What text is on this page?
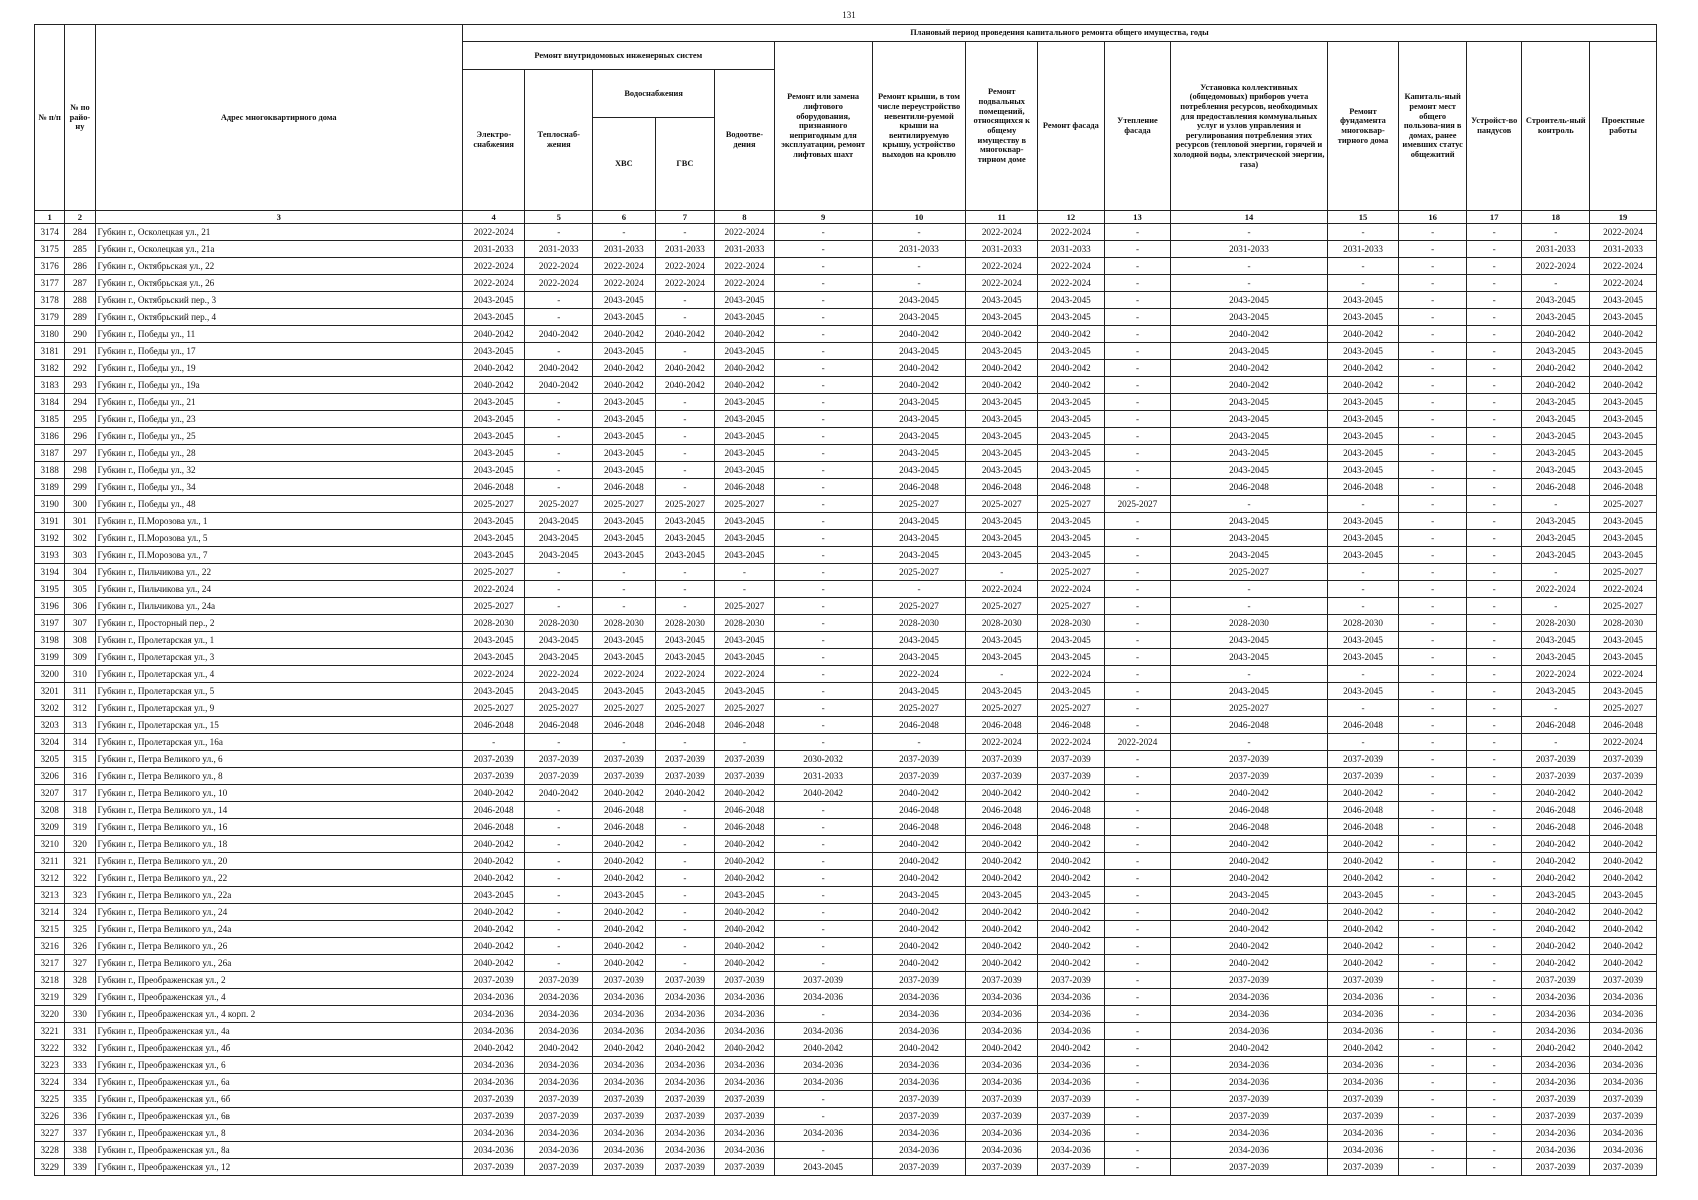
131
№ п/п	№ по райо-ну	Адрес многоквартирного дома	Плановый период проведения капитального ремонта общего имущества, годы															
			Ремонт внутридомовых инженерных систем					Ремонт или замена лифтового оборудования, признанного непригодным для эксплуатации, ремонт лифтовых шахт	Ремонт крыши, в том числе переустройство невентили-руемой крыши на вентилируемую крышу, устройство выходов на кровлю	Ремонт подвальных помещений, относящихся к общему имуществу в многоквар-тирном доме	Ремонт фасада	Утепление фасада	Установка коллективных (общедомовых) приборов учета потребления ресурсов, необходимых для предоставления коммунальных услуг и узлов управления и регулирования потребления этих ресурсов (тепловой энергии, горячей и холодной воды, электрической энергии, газа)	Ремонт фундамента многоквар-тирного дома	Капиталь-ный ремонт мест общего пользова-ния в домах, ранее имевших статус общежитий	Устройст-во пандусов	Строитель-ный контроль	Проектные работы
			Электро-снабжения	Теплоснаб-жения	Водоснабжения		Водоотве-дения											
					ХВС	ГВС												
1	2	3	4	5	6	7	8	9	10	11	12	13	14	15	16	17	18	19
3174	284	Губкин г., Осколецкая ул., 21	2022-2024	-	-	-	2022-2024	-	-	2022-2024	2022-2024	-	-	-	-	-	-	2022-2024
3175	285	Губкин г., Осколецкая ул., 21а	2031-2033	2031-2033	2031-2033	2031-2033	2031-2033	-	2031-2033	2031-2033	2031-2033	-	2031-2033	2031-2033	-	-	2031-2033	2031-2033
3176	286	Губкин г., Октябрьская ул., 22	2022-2024	2022-2024	2022-2024	2022-2024	2022-2024	-	-	2022-2024	2022-2024	-	-	-	-	-	2022-2024	2022-2024
3177	287	Губкин г., Октябрьская ул., 26	2022-2024	2022-2024	2022-2024	2022-2024	2022-2024	-	-	2022-2024	2022-2024	-	-	-	-	-	-	2022-2024
3178	288	Губкин г., Октябрьский пер., 3	2043-2045	-	2043-2045	-	2043-2045	-	2043-2045	2043-2045	2043-2045	-	2043-2045	2043-2045	-	-	2043-2045	2043-2045
3179	289	Губкин г., Октябрьский пер., 4	2043-2045	-	2043-2045	-	2043-2045	-	2043-2045	2043-2045	2043-2045	-	2043-2045	2043-2045	-	-	2043-2045	2043-2045
3180	290	Губкин г., Победы ул., 11	2040-2042	2040-2042	2040-2042	2040-2042	2040-2042	-	2040-2042	2040-2042	2040-2042	-	2040-2042	2040-2042	-	-	2040-2042	2040-2042
3181	291	Губкин г., Победы ул., 17	2043-2045	-	2043-2045	-	2043-2045	-	2043-2045	2043-2045	2043-2045	-	2043-2045	2043-2045	-	-	2043-2045	2043-2045
3182	292	Губкин г., Победы ул., 19	2040-2042	2040-2042	2040-2042	2040-2042	2040-2042	-	2040-2042	2040-2042	2040-2042	-	2040-2042	2040-2042	-	-	2040-2042	2040-2042
3183	293	Губкин г., Победы ул., 19а	2040-2042	2040-2042	2040-2042	2040-2042	2040-2042	-	2040-2042	2040-2042	2040-2042	-	2040-2042	2040-2042	-	-	2040-2042	2040-2042
3184	294	Губкин г., Победы ул., 21	2043-2045	-	2043-2045	-	2043-2045	-	2043-2045	2043-2045	2043-2045	-	2043-2045	2043-2045	-	-	2043-2045	2043-2045
3185	295	Губкин г., Победы ул., 23	2043-2045	-	2043-2045	-	2043-2045	-	2043-2045	2043-2045	2043-2045	-	2043-2045	2043-2045	-	-	2043-2045	2043-2045
3186	296	Губкин г., Победы ул., 25	2043-2045	-	2043-2045	-	2043-2045	-	2043-2045	2043-2045	2043-2045	-	2043-2045	2043-2045	-	-	2043-2045	2043-2045
3187	297	Губкин г., Победы ул., 28	2043-2045	-	2043-2045	-	2043-2045	-	2043-2045	2043-2045	2043-2045	-	2043-2045	2043-2045	-	-	2043-2045	2043-2045
3188	298	Губкин г., Победы ул., 32	2043-2045	-	2043-2045	-	2043-2045	-	2043-2045	2043-2045	2043-2045	-	2043-2045	2043-2045	-	-	2043-2045	2043-2045
3189	299	Губкин г., Победы ул., 34	2046-2048	-	2046-2048	-	2046-2048	-	2046-2048	2046-2048	2046-2048	-	2046-2048	2046-2048	-	-	2046-2048	2046-2048
3190	300	Губкин г., Победы ул., 48	2025-2027	2025-2027	2025-2027	2025-2027	2025-2027	-	2025-2027	2025-2027	2025-2027	2025-2027	-	-	-	-	-	2025-2027
3191	301	Губкин г., П.Морозова ул., 1	2043-2045	2043-2045	2043-2045	2043-2045	2043-2045	-	2043-2045	2043-2045	2043-2045	-	2043-2045	2043-2045	-	-	2043-2045	2043-2045
3192	302	Губкин г., П.Морозова ул., 5	2043-2045	2043-2045	2043-2045	2043-2045	2043-2045	-	2043-2045	2043-2045	2043-2045	-	2043-2045	2043-2045	-	-	2043-2045	2043-2045
3193	303	Губкин г., П.Морозова ул., 7	2043-2045	2043-2045	2043-2045	2043-2045	2043-2045	-	2043-2045	2043-2045	2043-2045	-	2043-2045	2043-2045	-	-	2043-2045	2043-2045
3194	304	Губкин г., Пильчикова ул., 22	2025-2027	-	-	-	-	-	2025-2027	-	2025-2027	-	2025-2027	-	-	-	-	2025-2027
3195	305	Губкин г., Пильчикова ул., 24	2022-2024	-	-	-	-	-	-	2022-2024	2022-2024	-	-	-	-	-	2022-2024	2022-2024
3196	306	Губкин г., Пильчикова ул., 24а	2025-2027	-	-	-	2025-2027	-	2025-2027	2025-2027	2025-2027	-	-	-	-	-	-	2025-2027
3197	307	Губкин г., Просторный пер., 2	2028-2030	2028-2030	2028-2030	2028-2030	2028-2030	-	2028-2030	2028-2030	2028-2030	-	2028-2030	2028-2030	-	-	2028-2030	2028-2030
3198	308	Губкин г., Пролетарская ул., 1	2043-2045	2043-2045	2043-2045	2043-2045	2043-2045	-	2043-2045	2043-2045	2043-2045	-	2043-2045	2043-2045	-	-	2043-2045	2043-2045
3199	309	Губкин г., Пролетарская ул., 3	2043-2045	2043-2045	2043-2045	2043-2045	2043-2045	-	2043-2045	2043-2045	2043-2045	-	2043-2045	2043-2045	-	-	2043-2045	2043-2045
3200	310	Губкин г., Пролетарская ул., 4	2022-2024	2022-2024	2022-2024	2022-2024	2022-2024	-	2022-2024	-	2022-2024	-	-	-	-	-	2022-2024	2022-2024
3201	311	Губкин г., Пролетарская ул., 5	2043-2045	2043-2045	2043-2045	2043-2045	2043-2045	-	2043-2045	2043-2045	2043-2045	-	2043-2045	2043-2045	-	-	2043-2045	2043-2045
3202	312	Губкин г., Пролетарская ул., 9	2025-2027	2025-2027	2025-2027	2025-2027	2025-2027	-	2025-2027	2025-2027	2025-2027	-	2025-2027	-	-	-	-	2025-2027
3203	313	Губкин г., Пролетарская ул., 15	2046-2048	2046-2048	2046-2048	2046-2048	2046-2048	-	2046-2048	2046-2048	2046-2048	-	2046-2048	2046-2048	-	-	2046-2048	2046-2048
3204	314	Губкин г., Пролетарская ул., 16а	-	-	-	-	-	-	-	2022-2024	2022-2024	2022-2024	-	-	-	-	-	2022-2024
3205	315	Губкин г., Петра Великого ул., 6	2037-2039	2037-2039	2037-2039	2037-2039	2037-2039	2030-2032	2037-2039	2037-2039	2037-2039	-	2037-2039	2037-2039	-	-	2037-2039	2037-2039
3206	316	Губкин г., Петра Великого ул., 8	2037-2039	2037-2039	2037-2039	2037-2039	2037-2039	2031-2033	2037-2039	2037-2039	2037-2039	-	2037-2039	2037-2039	-	-	2037-2039	2037-2039
3207	317	Губкин г., Петра Великого ул., 10	2040-2042	2040-2042	2040-2042	2040-2042	2040-2042	2040-2042	2040-2042	2040-2042	2040-2042	-	2040-2042	2040-2042	-	-	2040-2042	2040-2042
3208	318	Губкин г., Петра Великого ул., 14	2046-2048	-	2046-2048	-	2046-2048	-	2046-2048	2046-2048	2046-2048	-	2046-2048	2046-2048	-	-	2046-2048	2046-2048
3209	319	Губкин г., Петра Великого ул., 16	2046-2048	-	2046-2048	-	2046-2048	-	2046-2048	2046-2048	2046-2048	-	2046-2048	2046-2048	-	-	2046-2048	2046-2048
3210	320	Губкин г., Петра Великого ул., 18	2040-2042	-	2040-2042	-	2040-2042	-	2040-2042	2040-2042	2040-2042	-	2040-2042	2040-2042	-	-	2040-2042	2040-2042
3211	321	Губкин г., Петра Великого ул., 20	2040-2042	-	2040-2042	-	2040-2042	-	2040-2042	2040-2042	2040-2042	-	2040-2042	2040-2042	-	-	2040-2042	2040-2042
3212	322	Губкин г., Петра Великого ул., 22	2040-2042	-	2040-2042	-	2040-2042	-	2040-2042	2040-2042	2040-2042	-	2040-2042	2040-2042	-	-	2040-2042	2040-2042
3213	323	Губкин г., Петра Великого ул., 22а	2043-2045	-	2043-2045	-	2043-2045	-	2043-2045	2043-2045	2043-2045	-	2043-2045	2043-2045	-	-	2043-2045	2043-2045
3214	324	Губкин г., Петра Великого ул., 24	2040-2042	-	2040-2042	-	2040-2042	-	2040-2042	2040-2042	2040-2042	-	2040-2042	2040-2042	-	-	2040-2042	2040-2042
3215	325	Губкин г., Петра Великого ул., 24а	2040-2042	-	2040-2042	-	2040-2042	-	2040-2042	2040-2042	2040-2042	-	2040-2042	2040-2042	-	-	2040-2042	2040-2042
3216	326	Губкин г., Петра Великого ул., 26	2040-2042	-	2040-2042	-	2040-2042	-	2040-2042	2040-2042	2040-2042	-	2040-2042	2040-2042	-	-	2040-2042	2040-2042
3217	327	Губкин г., Петра Великого ул., 26а	2040-2042	-	2040-2042	-	2040-2042	-	2040-2042	2040-2042	2040-2042	-	2040-2042	2040-2042	-	-	2040-2042	2040-2042
3218	328	Губкин г., Преображенская ул., 2	2037-2039	2037-2039	2037-2039	2037-2039	2037-2039	2037-2039	2037-2039	2037-2039	2037-2039	-	2037-2039	2037-2039	-	-	2037-2039	2037-2039
3219	329	Губкин г., Преображенская ул., 4	2034-2036	2034-2036	2034-2036	2034-2036	2034-2036	2034-2036	2034-2036	2034-2036	2034-2036	-	2034-2036	2034-2036	-	-	2034-2036	2034-2036
3220	330	Губкин г., Преображенская ул., 4 корп. 2	2034-2036	2034-2036	2034-2036	2034-2036	2034-2036	-	2034-2036	2034-2036	2034-2036	-	2034-2036	2034-2036	-	-	2034-2036	2034-2036
3221	331	Губкин г., Преображенская ул., 4а	2034-2036	2034-2036	2034-2036	2034-2036	2034-2036	2034-2036	2034-2036	2034-2036	2034-2036	-	2034-2036	2034-2036	-	-	2034-2036	2034-2036
3222	332	Губкин г., Преображенская ул., 4б	2040-2042	2040-2042	2040-2042	2040-2042	2040-2042	2040-2042	2040-2042	2040-2042	2040-2042	-	2040-2042	2040-2042	-	-	2040-2042	2040-2042
3223	333	Губкин г., Преображенская ул., 6	2034-2036	2034-2036	2034-2036	2034-2036	2034-2036	2034-2036	2034-2036	2034-2036	2034-2036	-	2034-2036	2034-2036	-	-	2034-2036	2034-2036
3224	334	Губкин г., Преображенская ул., 6а	2034-2036	2034-2036	2034-2036	2034-2036	2034-2036	2034-2036	2034-2036	2034-2036	2034-2036	-	2034-2036	2034-2036	-	-	2034-2036	2034-2036
3225	335	Губкин г., Преображенская ул., 6б	2037-2039	2037-2039	2037-2039	2037-2039	2037-2039	-	2037-2039	2037-2039	2037-2039	-	2037-2039	2037-2039	-	-	2037-2039	2037-2039
3226	336	Губкин г., Преображенская ул., 6в	2037-2039	2037-2039	2037-2039	2037-2039	2037-2039	-	2037-2039	2037-2039	2037-2039	-	2037-2039	2037-2039	-	-	2037-2039	2037-2039
3227	337	Губкин г., Преображенская ул., 8	2034-2036	2034-2036	2034-2036	2034-2036	2034-2036	2034-2036	2034-2036	2034-2036	2034-2036	-	2034-2036	2034-2036	-	-	2034-2036	2034-2036
3228	338	Губкин г., Преображенская ул., 8а	2034-2036	2034-2036	2034-2036	2034-2036	2034-2036	-	2034-2036	2034-2036	2034-2036	-	2034-2036	2034-2036	-	-	2034-2036	2034-2036
3229	339	Губкин г., Преображенская ул., 12	2037-2039	2037-2039	2037-2039	2037-2039	2037-2039	2043-2045	2037-2039	2037-2039	2037-2039	-	2037-2039	2037-2039	-	-	2037-2039	2037-2039
